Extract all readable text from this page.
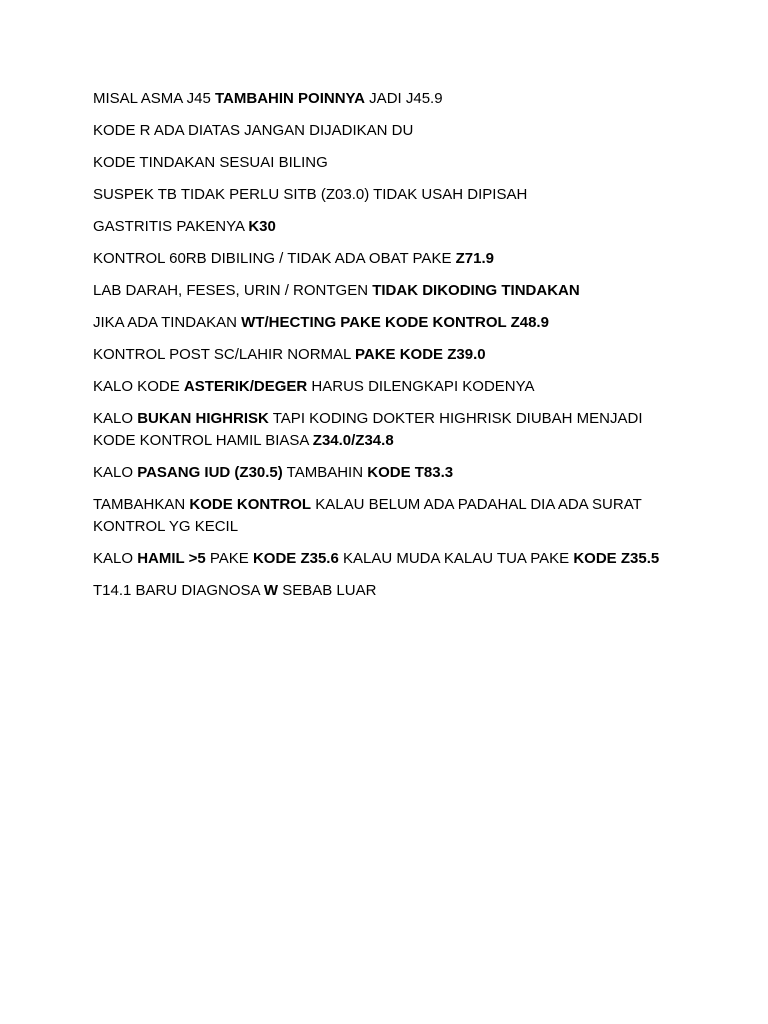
MISAL ASMA J45 TAMBAHIN POINNYA JADI J45.9

KODE R ADA DIATAS JANGAN DIJADIKAN DU

KODE TINDAKAN SESUAI BILING

SUSPEK TB TIDAK PERLU SITB (Z03.0) TIDAK USAH DIPISAH

GASTRITIS PAKENYA K30

KONTROL 60RB DIBILING / TIDAK ADA OBAT PAKE Z71.9

LAB DARAH, FESES, URIN / RONTGEN TIDAK DIKODING TINDAKAN

JIKA ADA TINDAKAN WT/HECTING PAKE KODE KONTROL Z48.9

KONTROL POST SC/LAHIR NORMAL PAKE KODE Z39.0

KALO KODE ASTERIK/DEGER HARUS DILENGKAPI KODENYA

KALO BUKAN HIGHRISK TAPI KODING DOKTER HIGHRISK DIUBAH MENJADI KODE KONTROL HAMIL BIASA Z34.0/Z34.8

KALO PASANG IUD (Z30.5) TAMBAHIN KODE T83.3

TAMBAHKAN KODE KONTROL KALAU BELUM ADA PADAHAL DIA ADA SURAT KONTROL YG KECIL

KALO HAMIL >5 PAKE KODE Z35.6 KALAU MUDA KALAU TUA PAKE KODE Z35.5

T14.1 BARU DIAGNOSA W SEBAB LUAR
